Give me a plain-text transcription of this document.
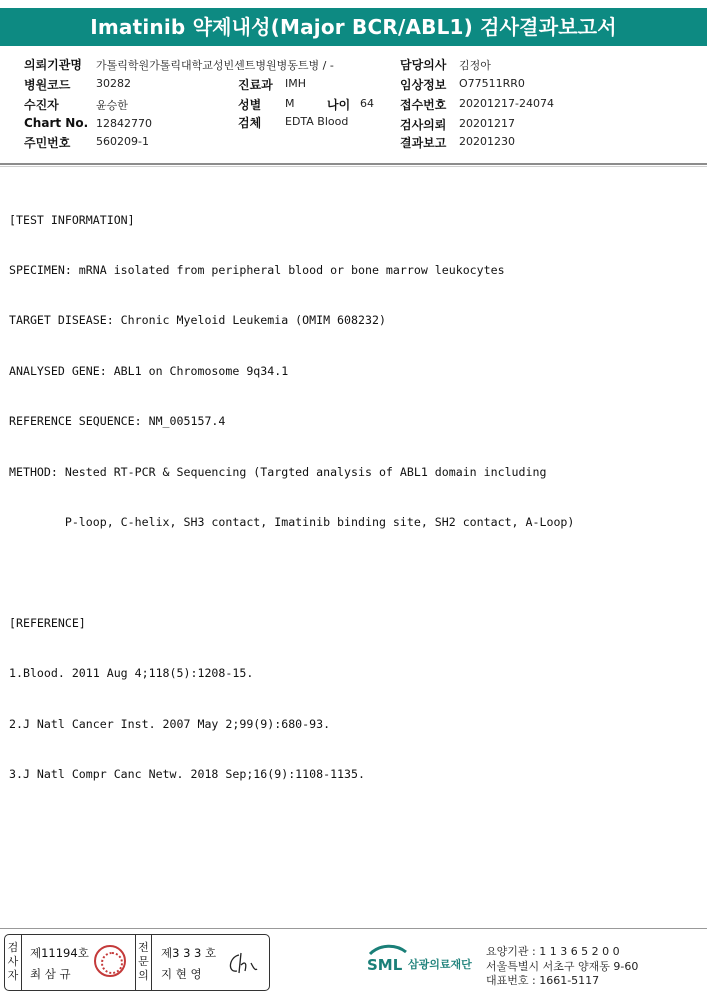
Imatinib 약제내성(Major BCR/ABL1) 검사결과보고서
의뢰기관명 가톨릭학원가톨릭대학교성빈센트병원병동트병 / -	담당의사 김정아
병원코드 30282	진료과 IMH	임상정보 O77511RR0
수진자	윤승한	성별 M	나이 64 접수번호 20201217-24074
Chart No. 12842770	검체 EDTA Blood	검사의뢰 20201217
주민번호 560209-1	결과보고 20201230

[TEST INFORMATION]

SPECIMEN: mRNA isolated from peripheral blood or bone marrow leukocytes

TARGET DISEASE: Chronic Myeloid Leukemia (OMIM 608232)

ANALYSED GENE: ABL1 on Chromosome 9q34.1

REFERENCE SEQUENCE: NM_005157.4

METHOD: Nested RT-PCR & Sequencing (Targted analysis of ABL1 domain including

P-loop, C-helix, SH3 contact, Imatinib binding site, SH2 contact, A-Loop)

[REFERENCE]

1.Blood. 2011 Aug 4;118(5):1208-15.

2.J Natl Cancer Inst. 2007 May 2;99(9):680-93.

3.J Natl Compr Canc Netw. 2018 Sep;16(9):1108-1135.

검
사
자
제11194호
최 삼 규
전
문
의
제3 3 3 호
지 현 영	SML 삼광의료재단
요양기관 : 1 1 3 6 5 2 0 0
서울특별시 서초구 양재동 9-60
대표번호 : 1661-5117
